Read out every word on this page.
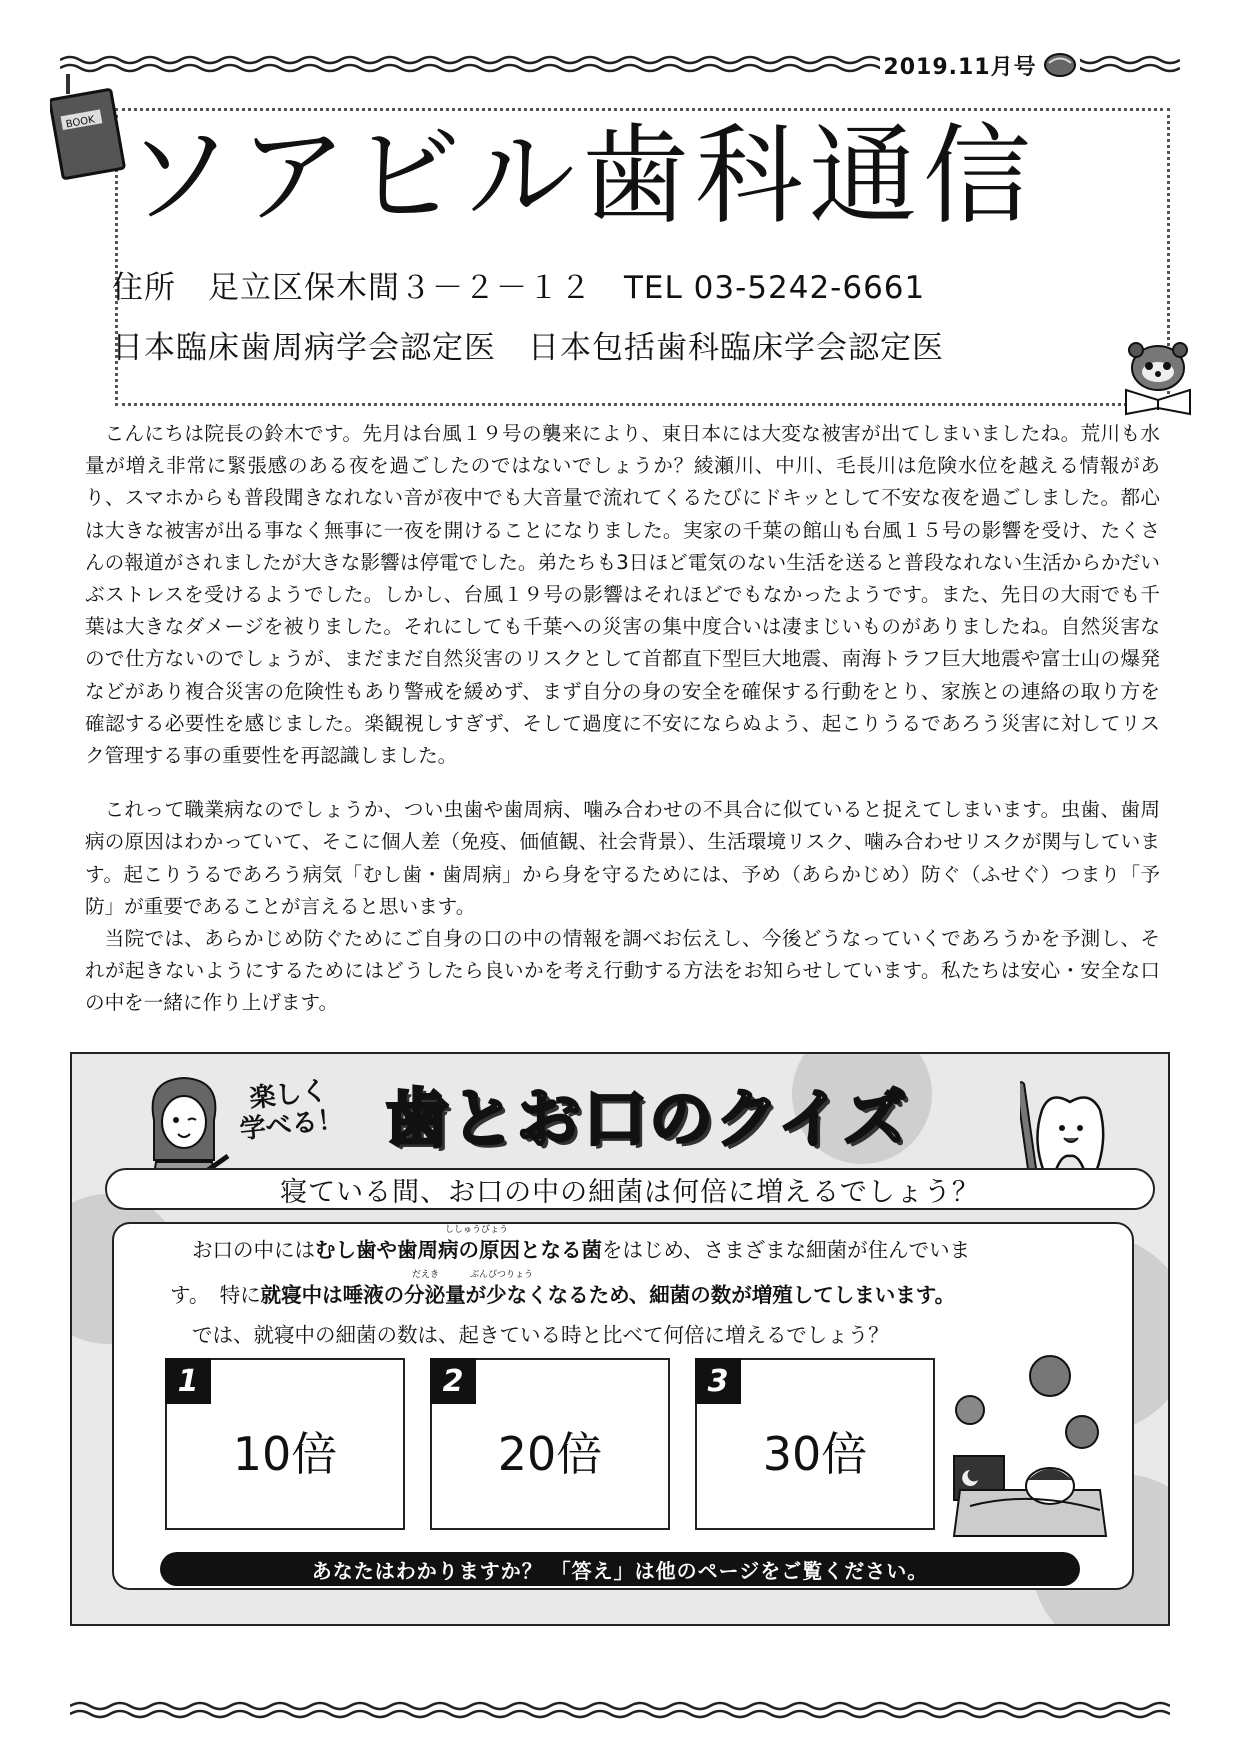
2019.11月号
BOOK ソアビル歯科通信
住所　足立区保木間３－２－１２　TEL 03-5242-6661
日本臨床歯周病学会認定医　日本包括歯科臨床学会認定医

こんにちは院長の鈴木です。先月は台風１９号の襲来により、東日本には大変な被害が出てしまいましたね。荒川も水量が増え非常に緊張感のある夜を過ごしたのではないでしょうか？綾瀬川、中川、毛長川は危険水位を越える情報があり、スマホからも普段聞きなれない音が夜中でも大音量で流れてくるたびにドキッとして不安な夜を過ごしました。都心は大きな被害が出る事なく無事に一夜を開けることになりました。実家の千葉の館山も台風１５号の影響を受け、たくさんの報道がされましたが大きな影響は停電でした。弟たちも3日ほど電気のない生活を送ると普段なれない生活からかだいぶストレスを受けるようでした。しかし、台風１９号の影響はそれほどでもなかったようです。また、先日の大雨でも千葉は大きなダメージを被りました。それにしても千葉への災害の集中度合いは凄まじいものがありましたね。自然災害なので仕方ないのでしょうが、まだまだ自然災害のリスクとして首都直下型巨大地震、南海トラフ巨大地震や富士山の爆発などがあり複合災害の危険性もあり警戒を緩めず、まず自分の身の安全を確保する行動をとり、家族との連絡の取り方を確認する必要性を感じました。楽観視しすぎず、そして過度に不安にならぬよう、起こりうるであろう災害に対してリスク管理する事の重要性を再認識しました。

これって職業病なのでしょうか、つい虫歯や歯周病、噛み合わせの不具合に似ていると捉えてしまいます。虫歯、歯周病の原因はわかっていて、そこに個人差（免疫、価値観、社会背景）、生活環境リスク、噛み合わせリスクが関与しています。起こりうるであろう病気「むし歯・歯周病」から身を守るためには、予め（あらかじめ）防ぐ（ふせぐ）つまり「予防」が重要であることが言えると思います。

当院では、あらかじめ防ぐためにご自身の口の中の情報を調べお伝えし、今後どうなっていくであろうかを予測し、それが起きないようにするためにはどうしたら良いかを考え行動する方法をお知らせしています。私たちは安心・安全な口の中を一緒に作り上げます。

楽しく
学べる！ 歯とお口のクイズ
寝ている間、お口の中の細菌は何倍に増えるでしょう？
お口の中にはむし歯や歯周病の原因となる菌をはじめ、さまざまな細菌が住んでいま
ししゅうびょう
す。　特に就寝中は唾液の分泌量が少なくなるため、細菌の数が増殖してしまいます。
だえき	ぶんぴつりょう
では、就寝中の細菌の数は、起きている時と比べて何倍に増えるでしょう？
1
10倍
2
20倍
3
30倍
あなたはわかりますか？ 「答え」は他のページをご覧ください。
